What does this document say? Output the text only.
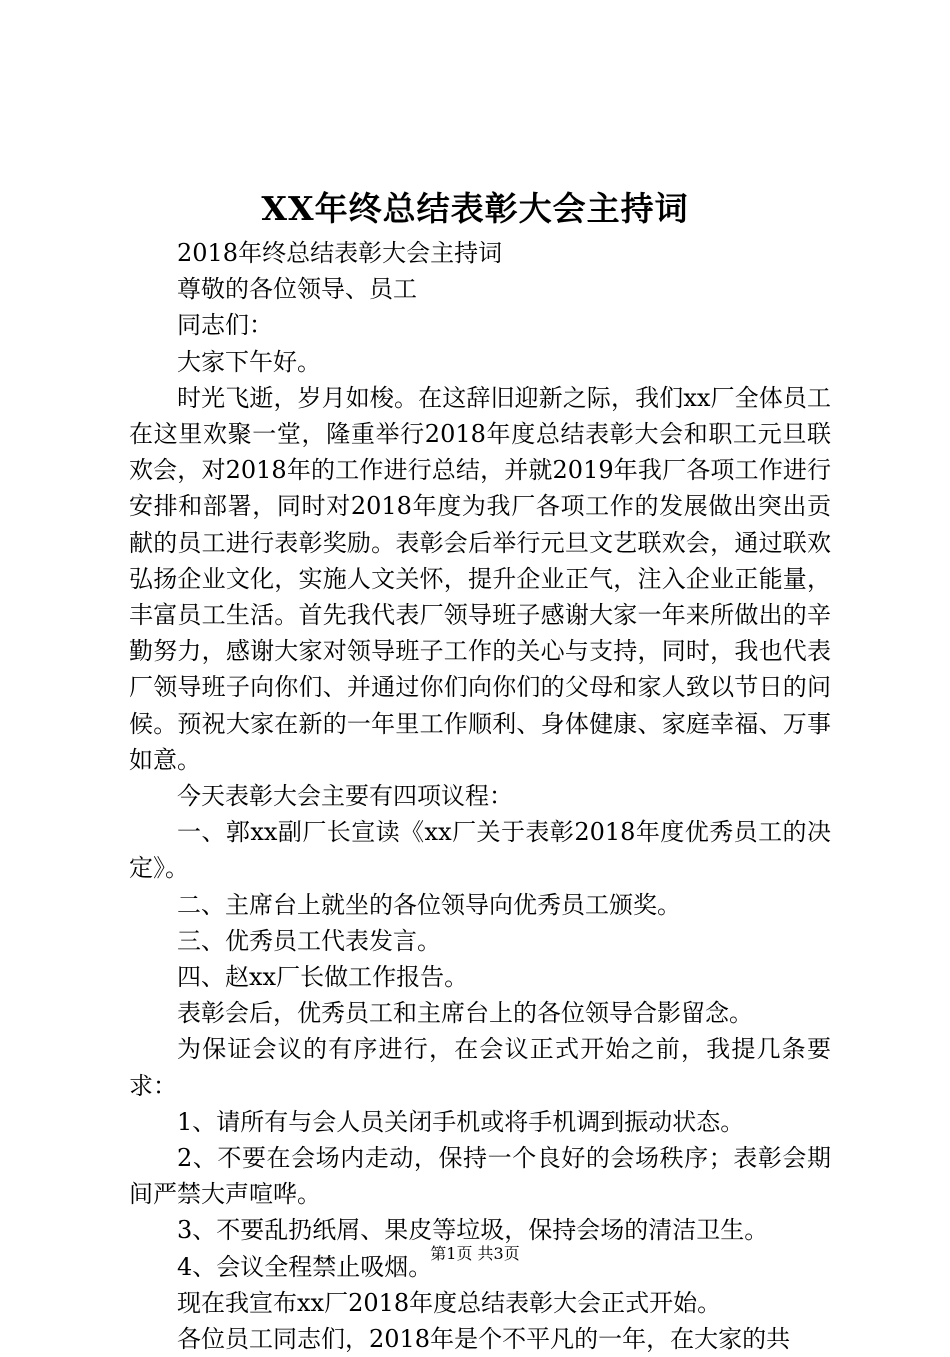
XX年终总结表彰大会主持词

2018年终总结表彰大会主持词

尊敬的各位领导、员工

同志们：

大家下午好。

时光飞逝，岁月如梭。在这辞旧迎新之际，我们xx厂全体员工在这里欢聚一堂，隆重举行2018年度总结表彰大会和职工元旦联欢会，对2018年的工作进行总结，并就2019年我厂各项工作进行安排和部署，同时对2018年度为我厂各项工作的发展做出突出贡献的员工进行表彰奖励。表彰会后举行元旦文艺联欢会，通过联欢弘扬企业文化，实施人文关怀，提升企业正气，注入企业正能量，丰富员工生活。首先我代表厂领导班子感谢大家一年来所做出的辛勤努力，感谢大家对领导班子工作的关心与支持，同时，我也代表厂领导班子向你们、并通过你们向你们的父母和家人致以节日的问候。预祝大家在新的一年里工作顺利、身体健康、家庭幸福、万事如意。

今天表彰大会主要有四项议程：

一、郭xx副厂长宣读《xx厂关于表彰2018年度优秀员工的决定》。

二、主席台上就坐的各位领导向优秀员工颁奖。

三、优秀员工代表发言。

四、赵xx厂长做工作报告。

表彰会后，优秀员工和主席台上的各位领导合影留念。

为保证会议的有序进行，在会议正式开始之前，我提几条要求：

1、请所有与会人员关闭手机或将手机调到振动状态。

2、不要在会场内走动，保持一个良好的会场秩序；表彰会期间严禁大声喧哗。

3、不要乱扔纸屑、果皮等垃圾，保持会场的清洁卫生。

4、会议全程禁止吸烟。

现在我宣布xx厂2018年度总结表彰大会正式开始。

各位员工同志们，2018年是个不平凡的一年，在大家的共

第1页 共3页
